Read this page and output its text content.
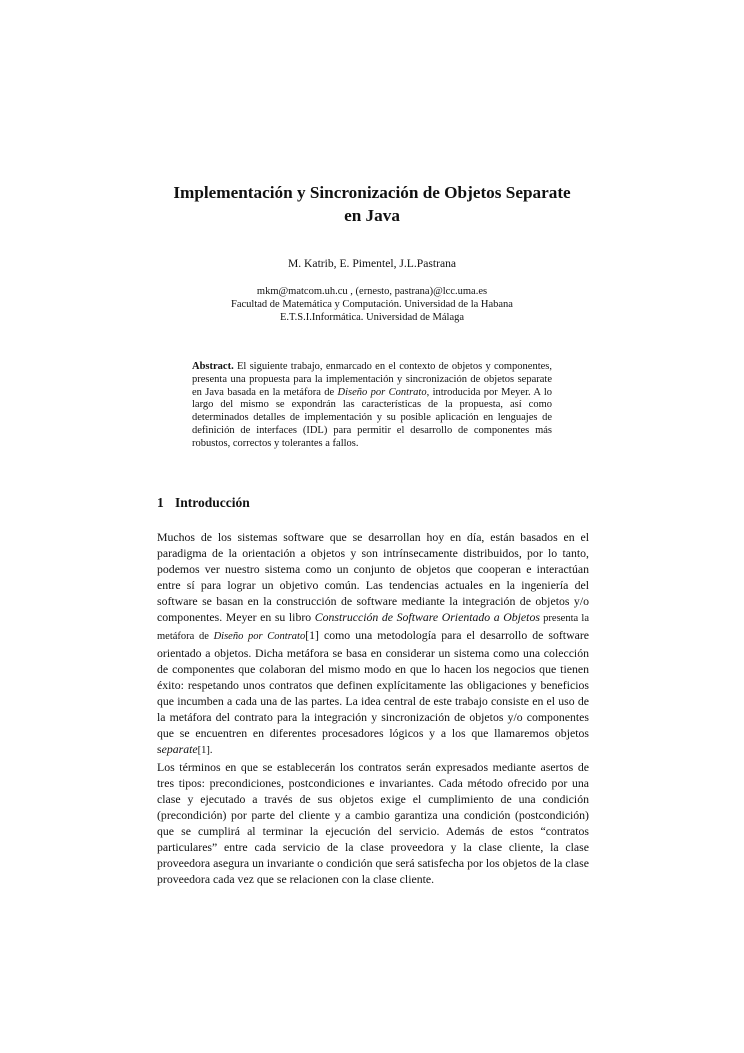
Implementación y Sincronización de Objetos Separate
en Java
M. Katrib, E. Pimentel, J.L.Pastrana
mkm@matcom.uh.cu , (ernesto, pastrana)@lcc.uma.es
Facultad de Matemática y Computación. Universidad de la Habana
E.T.S.I.Informática. Universidad de Málaga

Abstract. El siguiente trabajo, enmarcado en el contexto de objetos y componentes, presenta una propuesta para la implementación y sincronización de objetos separate en Java basada en la metáfora de Diseño por Contrato, introducida por Meyer. A lo largo del mismo se expondrán las características de la propuesta, así como determinados detalles de implementación y su posible aplicación en lenguajes de definición de interfaces (IDL) para permitir el desarrollo de componentes más robustos, correctos y tolerantes a fallos.

1 Introducción

Muchos de los sistemas software que se desarrollan hoy en día, están basados en el paradigma de la orientación a objetos y son intrínsecamente distribuidos, por lo tanto, podemos ver nuestro sistema como un conjunto de objetos que cooperan e interactúan entre sí para lograr un objetivo común. Las tendencias actuales en la ingeniería del software se basan en la construcción de software mediante la integración de objetos y/o componentes. Meyer en su libro Construcción de Software Orientado a Objetos presenta la metáfora de Diseño por Contrato[1] como una metodología para el desarrollo de software orientado a objetos. Dicha metáfora se basa en considerar un sistema como una colección de componentes que colaboran del mismo modo en que lo hacen los negocios que tienen éxito: respetando unos contratos que definen explícitamente las obligaciones y beneficios que incumben a cada una de las partes. La idea central de este trabajo consiste en el uso de la metáfora del contrato para la integración y sincronización de objetos y/o componentes que se encuentren en diferentes procesadores lógicos y a los que llamaremos objetos separate[1].

Los términos en que se establecerán los contratos serán expresados mediante asertos de tres tipos: precondiciones, postcondiciones e invariantes. Cada método ofrecido por una clase y ejecutado a través de sus objetos exige el cumplimiento de una condición (precondición) por parte del cliente y a cambio garantiza una condición (postcondición) que se cumplirá al terminar la ejecución del servicio. Además de estos “contratos particulares” entre cada servicio de la clase proveedora y la clase cliente, la clase proveedora asegura un invariante o condición que será satisfecha por los objetos de la clase proveedora cada vez que se relacionen con la clase cliente.
